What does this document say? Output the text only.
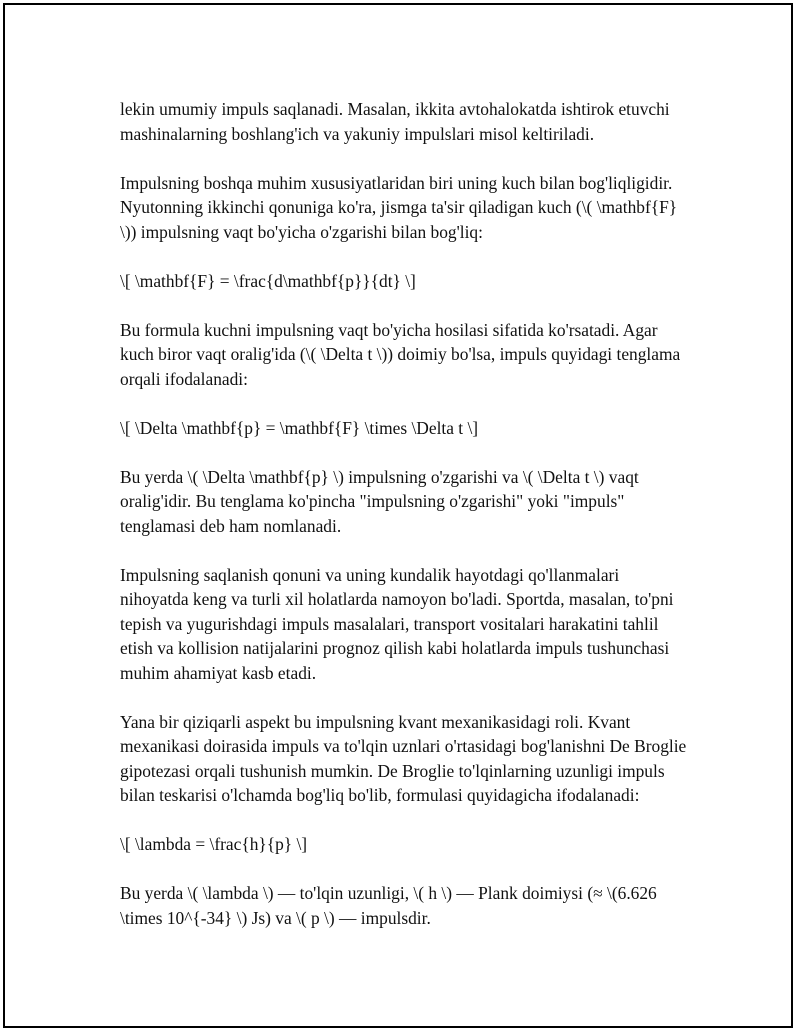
lekin umumiy impuls saqlanadi. Masalan, ikkita avtohalokatda ishtirok etuvchi mashinalarning boshlang'ich va yakuniy impulslari misol keltiriladi.

Impulsning boshqa muhim xususiyatlaridan biri uning kuch bilan bog'liqligidir. Nyutonning ikkinchi qonuniga ko'ra, jismga ta'sir qiladigan kuch (\( \mathbf{F} \)) impulsning vaqt bo'yicha o'zgarishi bilan bog'liq:

\[ \mathbf{F} = \frac{d\mathbf{p}}{dt} \]

Bu formula kuchni impulsning vaqt bo'yicha hosilasi sifatida ko'rsatadi. Agar kuch biror vaqt oralig'ida (\( \Delta t \)) doimiy bo'lsa, impuls quyidagi tenglama orqali ifodalanadi:

\[ \Delta \mathbf{p} = \mathbf{F} \times \Delta t \]

Bu yerda \( \Delta \mathbf{p} \) impulsning o'zgarishi va \( \Delta t \) vaqt oralig'idir. Bu tenglama ko'pincha "impulsning o'zgarishi" yoki "impuls" tenglamasi deb ham nomlanadi.

Impulsning saqlanish qonuni va uning kundalik hayotdagi qo'llanmalari nihoyatda keng va turli xil holatlarda namoyon bo'ladi. Sportda, masalan, to'pni tepish va yugurishdagi impuls masalalari, transport vositalari harakatini tahlil etish va kollision natijalarini prognoz qilish kabi holatlarda impuls tushunchasi muhim ahamiyat kasb etadi.

Yana bir qiziqarli aspekt bu impulsning kvant mexanikasidagi roli. Kvant mexanikasi doirasida impuls va to'lqin uznlari o'rtasidagi bog'lanishni De Broglie gipotezasi orqali tushunish mumkin. De Broglie to'lqinlarning uzunligi impuls bilan teskarisi o'lchamda bog'liq bo'lib, formulasi quyidagicha ifodalanadi:

\[ \lambda = \frac{h}{p} \]

Bu yerda \( \lambda \) — to'lqin uzunligi, \( h \) — Plank doimiysi (≈ \(6.626 \times 10^{-34} \) Js) va \( p \) — impulsdir.
